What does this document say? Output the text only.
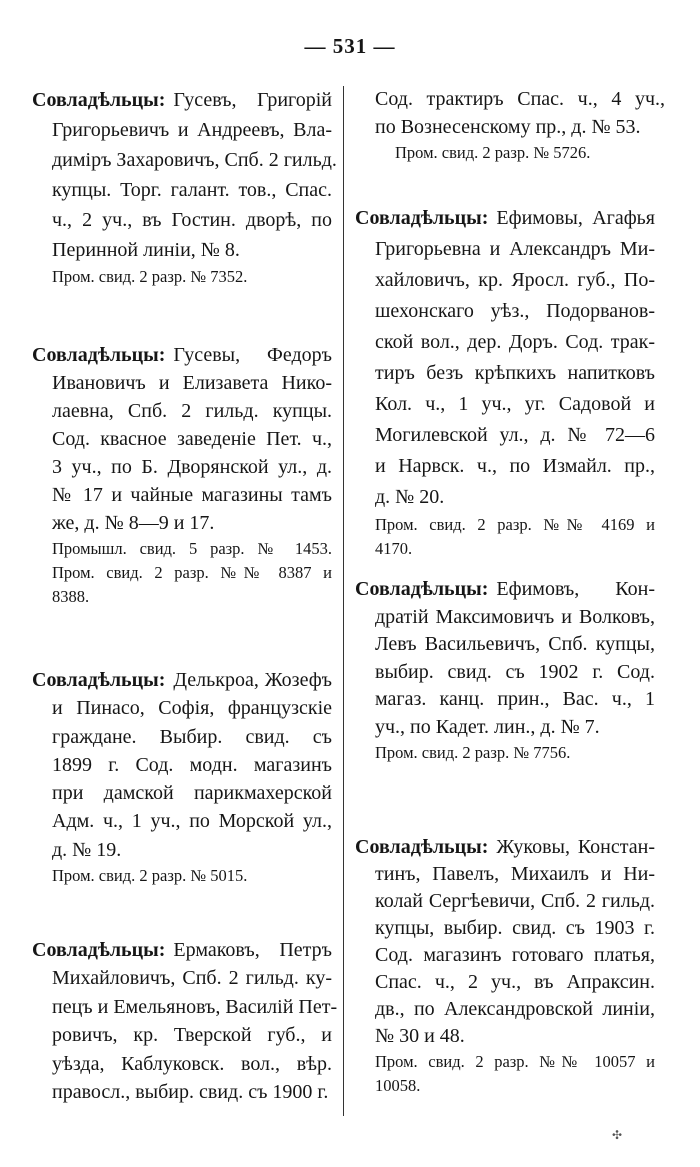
— 531 —
Совладѣльцы: Гусевъ, Григорій
Григорьевичъ и Андреевъ, Вла-
диміръ Захаровичъ, Спб. 2 гильд.
купцы. Торг. галант. тов., Спас.
ч., 2 уч., въ Гостин. дворѣ, по
Перинной линіи, № 8.
Пром. свид. 2 разр. № 7352.
Совладѣльцы: Гусевы, Федоръ
Ивановичъ и Елизавета Нико-
лаевна, Спб. 2 гильд. купцы.
Сод. квасное заведеніе Пет. ч.,
3 уч., по Б. Дворянской ул., д.
№ 17 и чайные магазины тамъ
же, д. № 8—9 и 17.
Промышл. свид. 5 разр. № 1453.
Пром. свид. 2 разр. №№ 8387 и
8388.
Совладѣльцы: Делькроа, Жозефъ
и Пинасо, Софія, французскіе
граждане. Выбир. свид. съ
1899 г. Сод. модн. магазинъ
при дамской парикмахерской
Адм. ч., 1 уч., по Морской ул.,
д. № 19.
Пром. свид. 2 разр. № 5015.
Совладѣльцы: Ермаковъ, Петръ
Михайловичъ, Спб. 2 гильд. ку-
пецъ и Емельяновъ, Василій Пет-
ровичъ, кр. Тверской губ., и
уѣзда, Каблуковск. вол., вѣр.
правосл., выбир. свид. съ 1900 г.
Сод. трактиръ Спас. ч., 4 уч.,
по Вознесенскому пр., д. № 53.
Пром. свид. 2 разр. № 5726.
Совладѣльцы: Ефимовы, Агафья
Григорьевна и Александръ Ми-
хайловичъ, кр. Яросл. губ., По-
шехонскаго уѣз., Подорванов-
ской вол., дер. Доръ. Сод. трак-
тиръ безъ крѣпкихъ напитковъ
Кол. ч., 1 уч., уг. Садовой и
Могилевской ул., д. № 72—6
и Нарвск. ч., по Измайл. пр.,
д. № 20.
Пром. свид. 2 разр. №№ 4169 и
4170.
Совладѣльцы: Ефимовъ, Кон-
дратій Максимовичъ и Волковъ,
Левъ Васильевичъ, Спб. купцы,
выбир. свид. съ 1902 г. Сод.
магаз. канц. прин., Вас. ч., 1
уч., по Кадет. лин., д. № 7.
Пром. свид. 2 разр. № 7756.
Совладѣльцы: Жуковы, Констан-
тинъ, Павелъ, Михаилъ и Ни-
колай Сергѣевичи, Спб. 2 гильд.
купцы, выбир. свид. съ 1903 г.
Сод. магазинъ готоваго платья,
Спас. ч., 2 уч., въ Апраксин.
дв., по Александровской линіи,
№ 30 и 48.
Пром. свид. 2 разр. №№ 10057 и
10058.
✣
